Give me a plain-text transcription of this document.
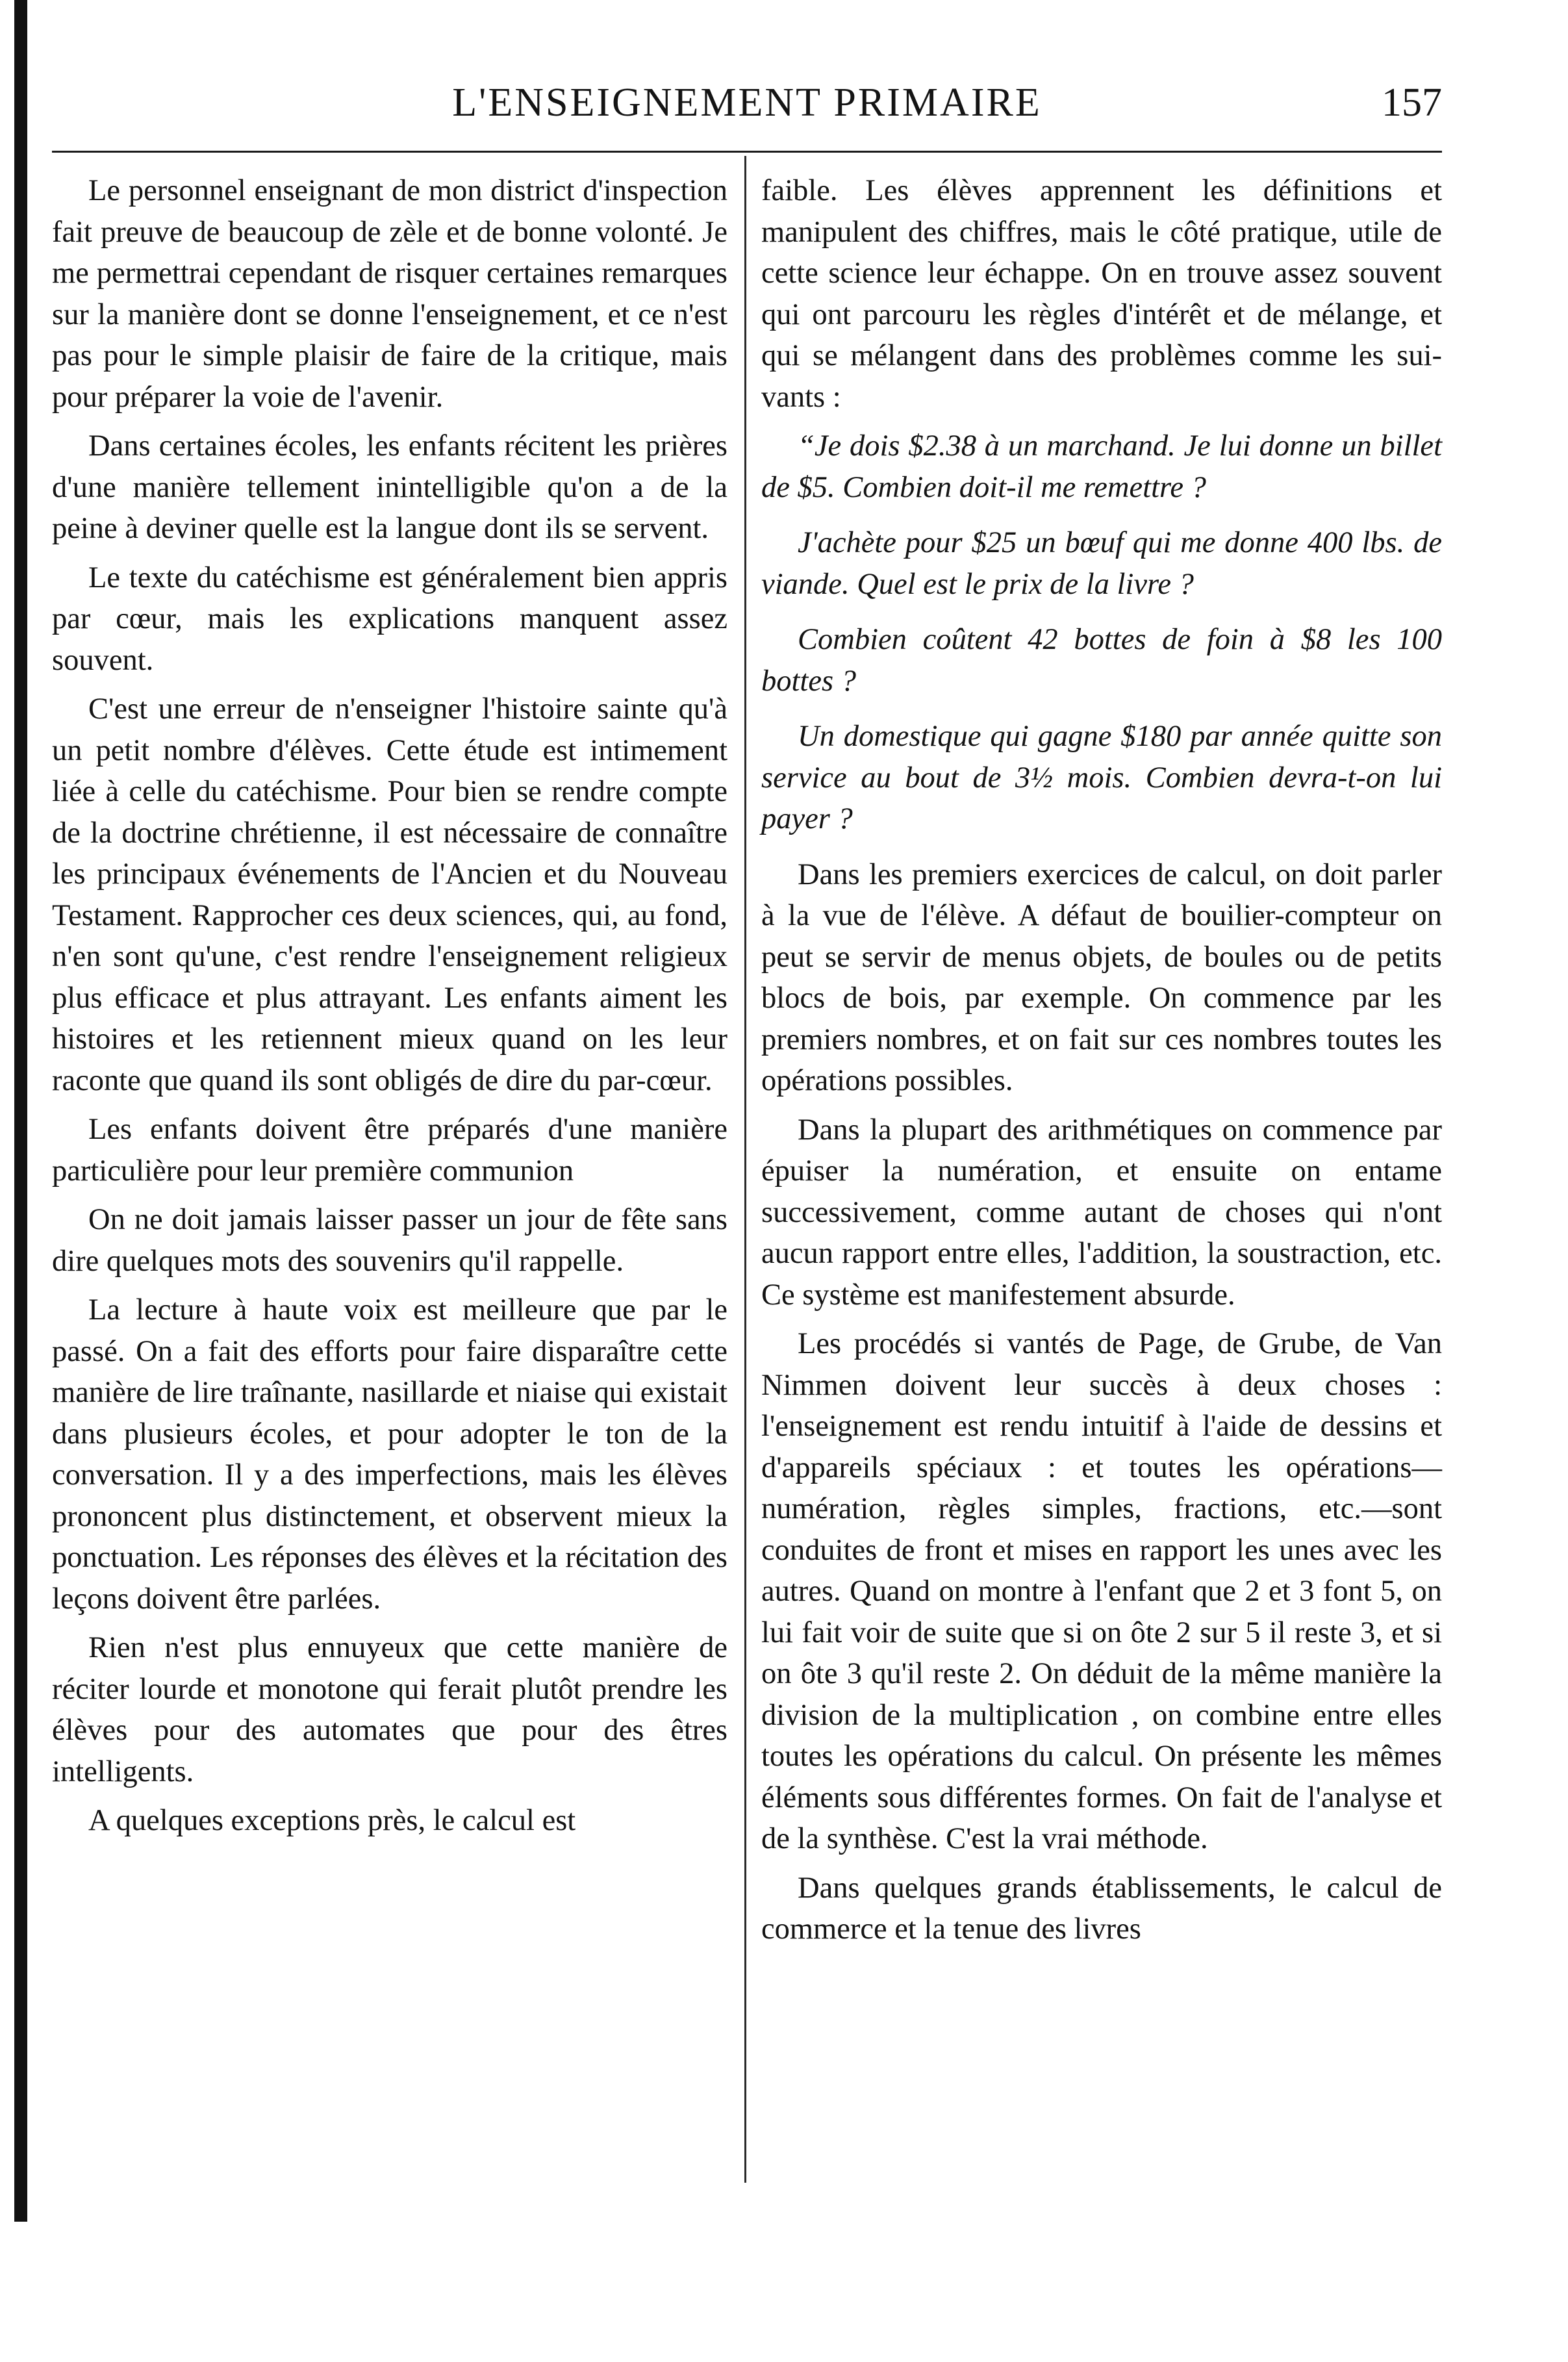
L'ENSEIGNEMENT PRIMAIRE	157

Le personnel enseignant de mon district d'inspection fait preuve de beaucoup de zèle et de bonne volonté. Je me permettrai cependant de risquer certaines remarques sur la manière dont se donne l'enseignement, et ce n'est pas pour le simple plaisir de faire de la critique, mais pour préparer la voie de l'avenir.

Dans certaines écoles, les enfants récitent les prières d'une manière tellement inintelligible qu'on a de la peine à deviner quelle est la langue dont ils se servent.

Le texte du catéchisme est généralement bien appris par cœur, mais les explications manquent assez souvent.

C'est une erreur de n'enseigner l'histoire sainte qu'à un petit nombre d'élèves. Cette étude est intimement liée à celle du catéchisme. Pour bien se rendre compte de la doctrine chrétienne, il est nécessaire de connaître les principaux événements de l'Ancien et du Nouveau Testament. Rapprocher ces deux sciences, qui, au fond, n'en sont qu'une, c'est rendre l'enseignement religieux plus efficace et plus attrayant. Les enfants aiment les histoires et les retiennent mieux quand on les leur raconte que quand ils sont obligés de dire du par-cœur.

Les enfants doivent être préparés d'une manière particulière pour leur première communion

On ne doit jamais laisser passer un jour de fête sans dire quelques mots des souvenirs qu'il rappelle.

La lecture à haute voix est meilleure que par le passé. On a fait des efforts pour faire disparaître cette manière de lire traînante, nasillarde et niaise qui existait dans plusieurs écoles, et pour adopter le ton de la conversation. Il y a des imperfections, mais les élèves prononcent plus distinctement, et observent mieux la ponctuation. Les réponses des élèves et la récitation des leçons doivent être parlées.

Rien n'est plus ennuyeux que cette manière de réciter lourde et monotone qui ferait plutôt prendre les élèves pour des automates que pour des êtres intelligents.

A quelques exceptions près, le calcul est

faible. Les élèves apprennent les définitions et manipulent des chiffres, mais le côté pratique, utile de cette science leur échappe. On en trouve assez souvent qui ont parcouru les règles d'intérêt et de mélange, et qui se mélangent dans des problèmes comme les suivants :

“Je dois $2.38 à un marchand. Je lui donne un billet de $5. Combien doit-il me remettre ?

J'achète pour $25 un bœuf qui me donne 400 lbs. de viande. Quel est le prix de la livre ?

Combien coûtent 42 bottes de foin à $8 les 100 bottes ?

Un domestique qui gagne $180 par année quitte son service au bout de 3½ mois. Combien devra-t-on lui payer ?

Dans les premiers exercices de calcul, on doit parler à la vue de l'élève. A défaut de bouilier-compteur on peut se servir de menus objets, de boules ou de petits blocs de bois, par exemple. On commence par les premiers nombres, et on fait sur ces nombres toutes les opérations possibles.

Dans la plupart des arithmétiques on commence par épuiser la numération, et ensuite on entame successivement, comme autant de choses qui n'ont aucun rapport entre elles, l'addition, la soustraction, etc. Ce système est manifestement absurde.

Les procédés si vantés de Page, de Grube, de Van Nimmen doivent leur succès à deux choses : l'enseignement est rendu intuitif à l'aide de dessins et d'appareils spéciaux : et toutes les opérations—numération, règles simples, fractions, etc.—sont conduites de front et mises en rapport les unes avec les autres. Quand on montre à l'enfant que 2 et 3 font 5, on lui fait voir de suite que si on ôte 2 sur 5 il reste 3, et si on ôte 3 qu'il reste 2. On déduit de la même manière la division de la multiplication , on combine entre elles toutes les opérations du calcul. On présente les mêmes éléments sous différentes formes. On fait de l'analyse et de la synthèse. C'est la vrai méthode.

Dans quelques grands établissements, le calcul de commerce et la tenue des livres
